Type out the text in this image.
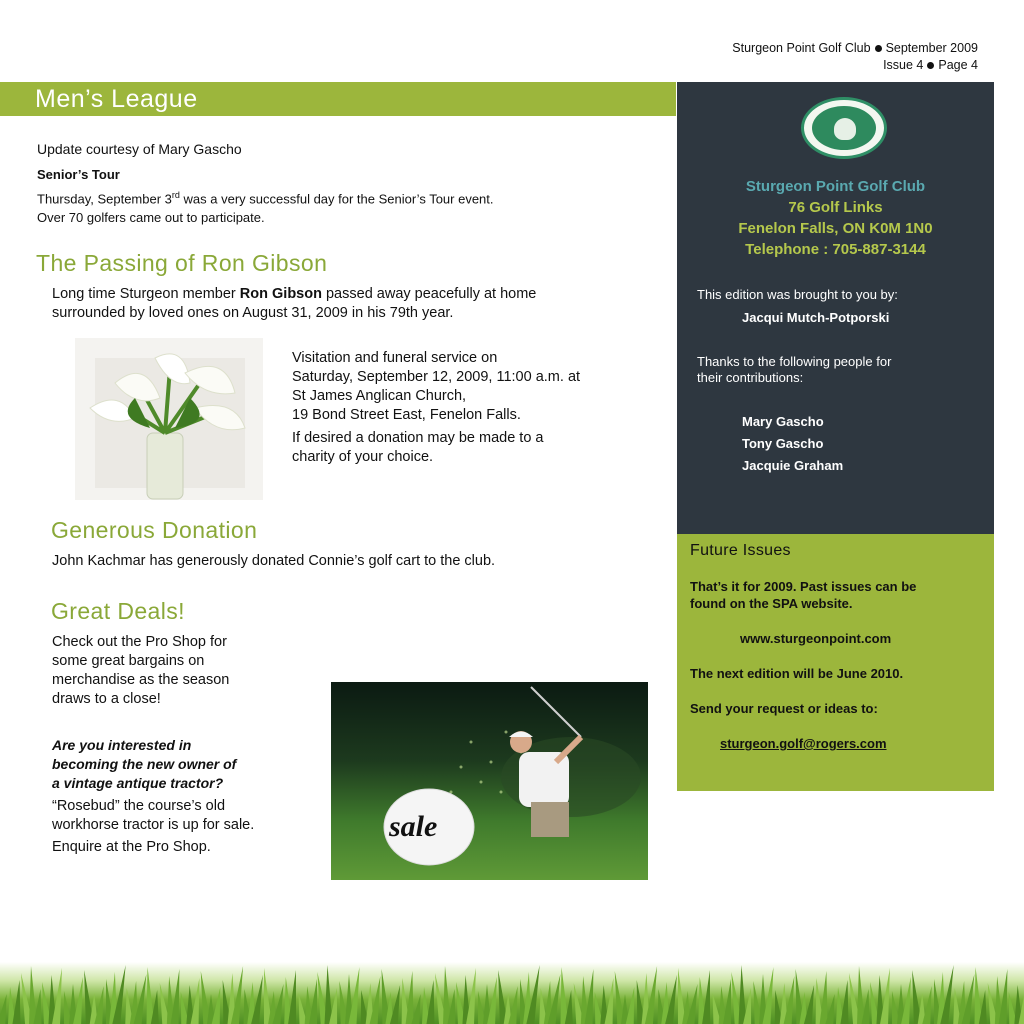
Sturgeon Point Golf Club September 2009
Issue 4 Page 4
Men’s League
Update courtesy of Mary Gascho
Senior’s Tour
Thursday, September 3rd was a very successful day for the Senior’s Tour event.
Over 70 golfers came out to participate.
The Passing of Ron Gibson
Long time Sturgeon member Ron Gibson passed away peacefully at home
surrounded by loved ones on August 31, 2009 in his 79th year.
Visitation and funeral service on
Saturday, September 12, 2009, 11:00 a.m. at
St James Anglican Church,
19 Bond Street East, Fenelon Falls.
If desired a donation may be made to a
charity of your choice.
Generous Donation
John Kachmar has generously donated Connie’s golf cart to the club.
Great Deals!
Check out the Pro Shop for
some great bargains on
merchandise as the season
draws to a close!
Are you interested in
becoming the new owner of
a vintage antique tractor?
“Rosebud” the course’s old
workhorse tractor is up for sale.
Enquire at the Pro Shop.
sale
Sturgeon Point Golf Club
76 Golf Links
Fenelon Falls, ON K0M 1N0
Telephone : 705-887-3144
This edition was brought to you by:
Jacqui Mutch-Potporski
Thanks to the following people for
their contributions:
Mary Gascho
Tony Gascho
Jacquie Graham
Future Issues
That’s it for 2009. Past issues can be
found on the SPA website.
www.sturgeonpoint.com
The next edition will be June 2010.
Send your request or ideas to:
sturgeon.golf@rogers.com
